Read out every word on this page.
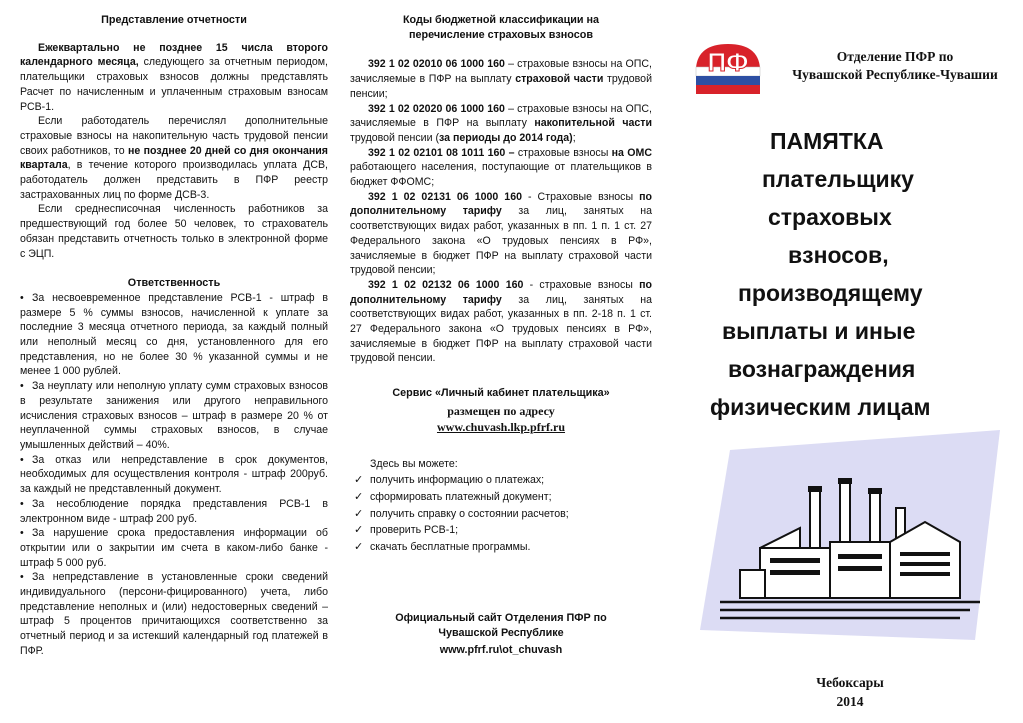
Представление отчетности

Ежеквартально не позднее 15 числа второго календарного месяца, следующего за отчетным периодом, плательщики страховых взносов должны представлять Расчет по начисленным и уплаченным страховым взносам РСВ-1.

Если работодатель перечислял дополнительные страховые взносы на накопительную часть трудовой пенсии своих работников, то не позднее 20 дней со дня окончания квартала, в течение которого производилась уплата ДСВ, работодатель должен представить в ПФР реестр застрахованных лиц по форме ДСВ-3.

Если среднесписочная численность работников за предшествующий год более 50 человек, то страхователь обязан представить отчетность только в электронной форме с ЭЦП.

Ответственность

• За несвоевременное представление РСВ-1 - штраф в размере 5 % суммы взносов, начисленной к уплате за последние 3 месяца отчетного периода, за каждый полный или неполный месяц со дня, установленного для его представления, но не более 30 % указанной суммы и не менее 1 000 рублей.

• За неуплату или неполную уплату сумм страховых взносов в результате занижения или другого неправильного исчисления страховых взносов – штраф в размере 20 % от неуплаченной суммы страховых взносов, в случае умышленных действий – 40%.

• За отказ или непредставление в срок документов, необходимых для осуществления контроля - штраф 200руб. за каждый не представленный документ.

• За несоблюдение порядка представления РСВ-1 в электронном виде - штраф 200 руб.

• За нарушение срока предоставления информации об открытии или о закрытии им счета в каком-либо банке - штраф 5 000 руб.

• За непредставление в установленные сроки сведений индивидуального (персони-фицированного) учета, либо представление неполных и (или) недостоверных сведений – штраф 5 процентов причитающихся соответственно за отчетный период и за истекший календарный год платежей в ПФР.

Коды бюджетной классификации на перечисление страховых взносов

392 1 02 02010 06 1000 160 – страховые взносы на ОПС, зачисляемые в ПФР на выплату страховой части трудовой пенсии;

392 1 02 02020 06 1000 160 – страховые взносы на ОПС, зачисляемые в ПФР на выплату накопительной части трудовой пенсии (за периоды до 2014 года);

392 1 02 02101 08 1011 160 – страховые взносы на ОМС работающего населения, поступающие от плательщиков в бюджет ФФОМС;

392 1 02 02131 06 1000 160 - Страховые взносы по дополнительному тарифу за лиц, занятых на соответствующих видах работ, указанных в пп. 1 п. 1 ст. 27 Федерального закона «О трудовых пенсиях в РФ», зачисляемые в бюджет ПФР на выплату страховой части трудовой пенсии;

392 1 02 02132 06 1000 160 - страховые взносы по дополнительному тарифу за лиц, занятых на соответствующих видах работ, указанных в пп. 2-18 п. 1 ст. 27 Федерального закона «О трудовых пенсиях в РФ», зачисляемые в бюджет ПФР на выплату страховой части трудовой пенсии.

Сервис «Личный кабинет плательщика»

размещен по адресу

www.chuvash.lkp.pfrf.ru

Здесь вы можете:

✓ получить информацию о платежах;
✓ сформировать платежный документ;
✓ получить справку о состоянии расчетов;
✓ проверить РСВ-1;
✓ скачать бесплатные программы.

Официальный сайт Отделения ПФР по

Чувашской Республике

www.pfrf.ru\ot_chuvash

ПФ	Отделение ПФР по

Чувашской Республике-Чувашии

ПАМЯТКА
плательщику
страховых
взносов,
производящему
выплаты и иные
вознаграждения
физическим лицам

Чебоксары

2014
